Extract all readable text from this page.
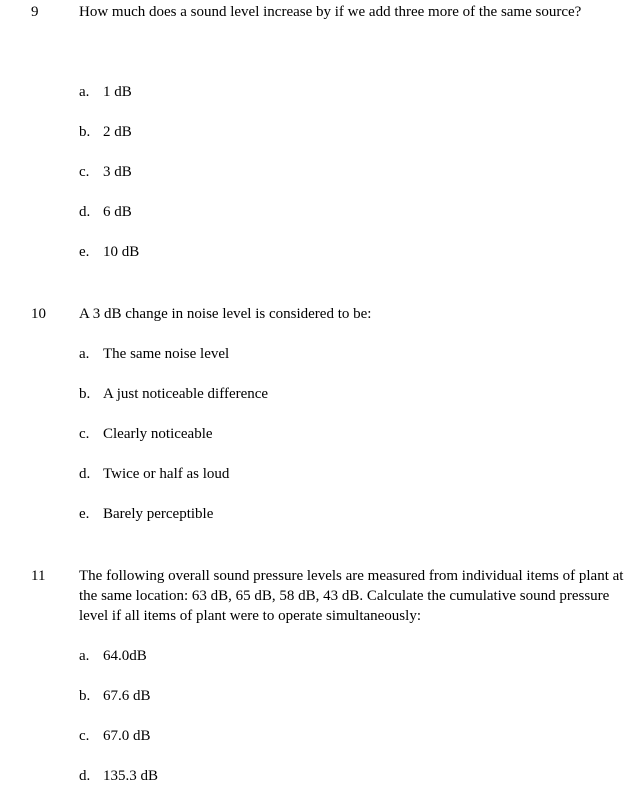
9	How much does a sound level increase by if we add three more of the same source?
a. 1 dB
b. 2 dB
c. 3 dB
d. 6 dB
e. 10 dB
10 A 3 dB change in noise level is considered to be:
a. The same noise level
b. A just noticeable difference
c. Clearly noticeable
d. Twice or half as loud
e. Barely perceptible
11 The following overall sound pressure levels are measured from individual items of plant at the same location: 63 dB, 65 dB, 58 dB, 43 dB. Calculate the cumulative sound pressure level if all items of plant were to operate simultaneously:
a. 64.0dB
b. 67.6 dB
c. 67.0 dB
d. 135.3 dB
